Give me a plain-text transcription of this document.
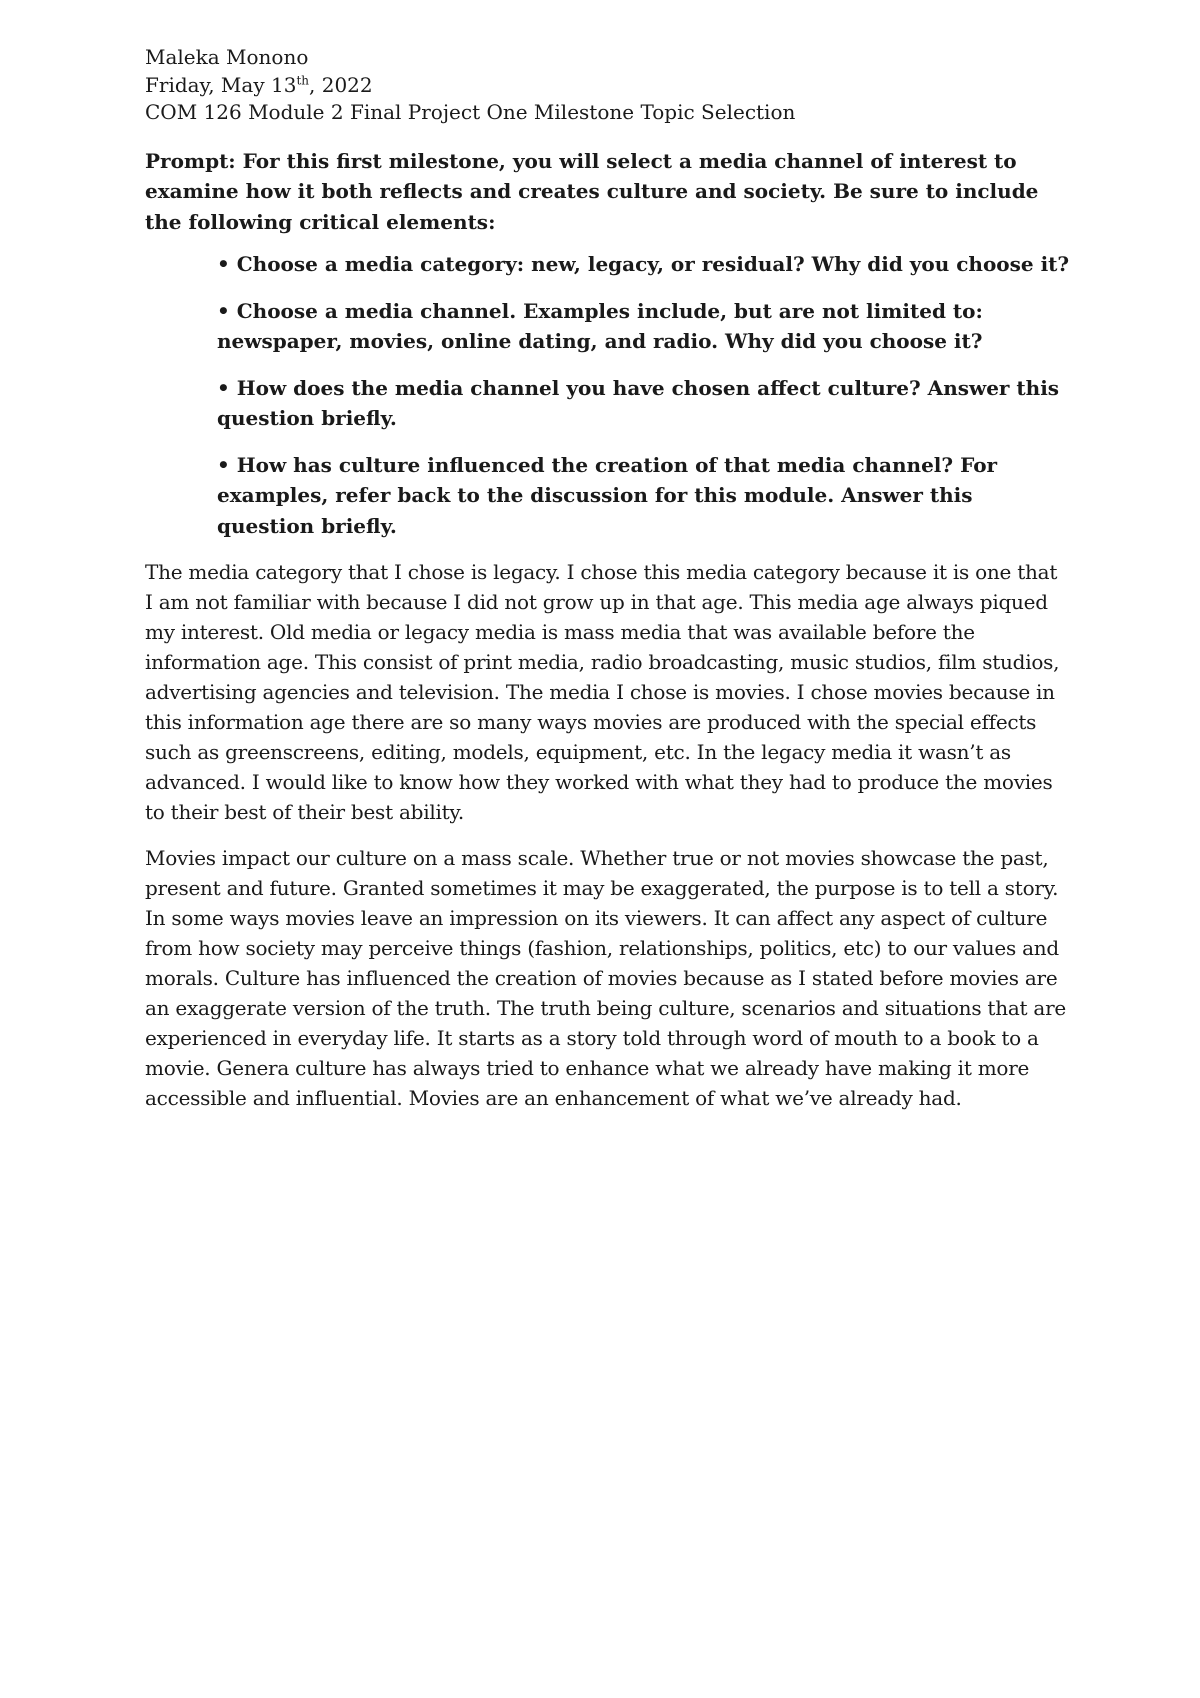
Maleka Monono

Friday, May 13th, 2022

COM 126 Module 2 Final Project One Milestone Topic Selection

Prompt: For this first milestone, you will select a media channel of interest to examine how it both reflects and creates culture and society. Be sure to include the following critical elements:

• Choose a media category: new, legacy, or residual? Why did you choose it?
• Choose a media channel. Examples include, but are not limited to: newspaper, movies, online dating, and radio. Why did you choose it?
• How does the media channel you have chosen affect culture? Answer this question briefly.
• How has culture influenced the creation of that media channel? For examples, refer back to the discussion for this module. Answer this question briefly.

The media category that I chose is legacy. I chose this media category because it is one that I am not familiar with because I did not grow up in that age. This media age always piqued my interest. Old media or legacy media is mass media that was available before the information age. This consist of print media, radio broadcasting, music studios, film studios, advertising agencies and television. The media I chose is movies. I chose movies because in this information age there are so many ways movies are produced with the special effects such as greenscreens, editing, models, equipment, etc. In the legacy media it wasn’t as advanced. I would like to know how they worked with what they had to produce the movies to their best of their best ability.

Movies impact our culture on a mass scale. Whether true or not movies showcase the past, present and future. Granted sometimes it may be exaggerated, the purpose is to tell a story. In some ways movies leave an impression on its viewers. It can affect any aspect of culture from how society may perceive things (fashion, relationships, politics, etc) to our values and morals. Culture has influenced the creation of movies because as I stated before movies are an exaggerate version of the truth. The truth being culture, scenarios and situations that are experienced in everyday life. It starts as a story told through word of mouth to a book to a movie. Genera culture has always tried to enhance what we already have making it more accessible and influential. Movies are an enhancement of what we’ve already had.
